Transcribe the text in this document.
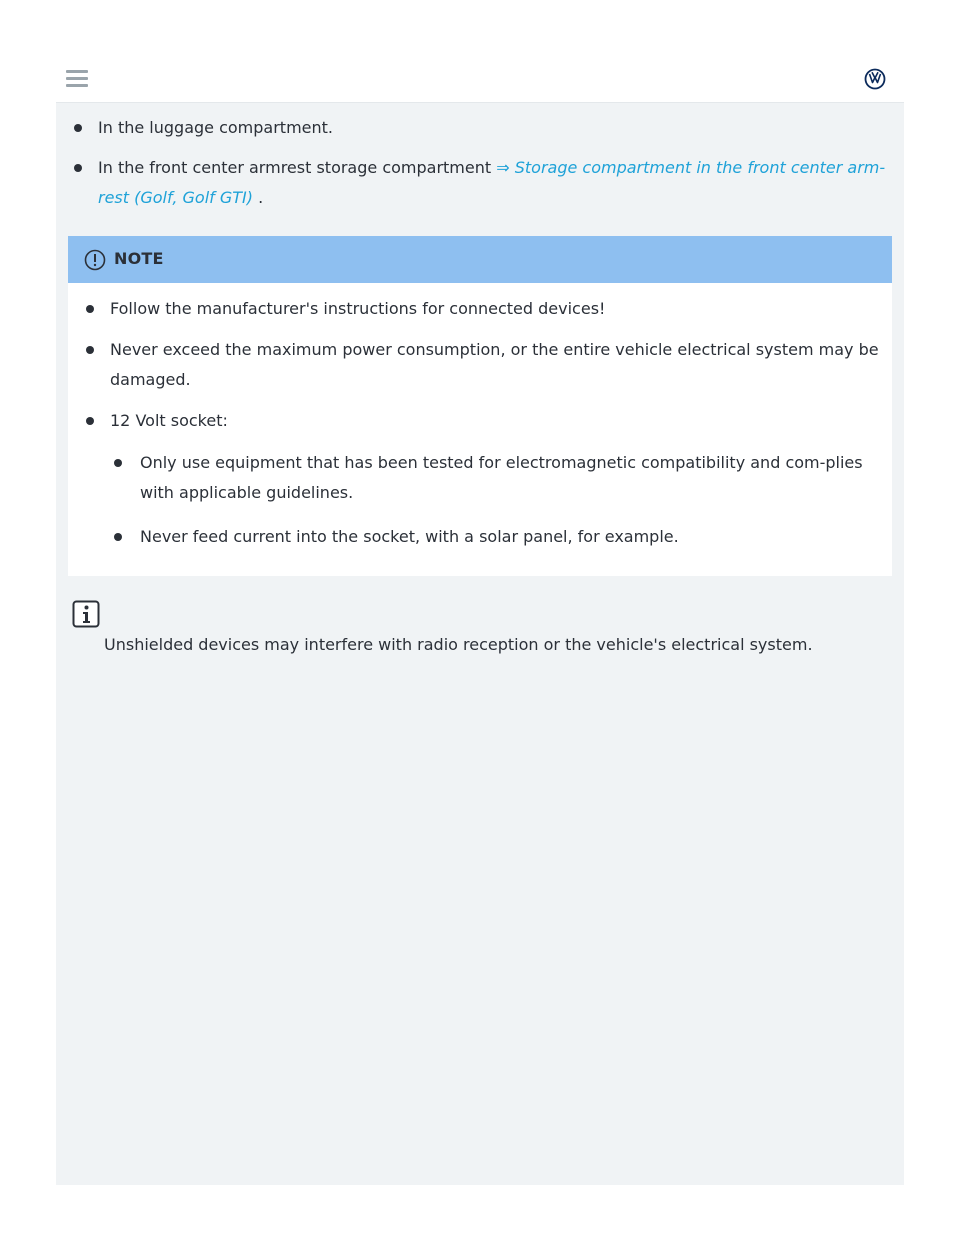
In the luggage compartment.
In the front center armrest storage compartment ⇒ Storage compartment in the front center arm-rest (Golf, Golf GTI) .
NOTE
Follow the manufacturer's instructions for connected devices!
Never exceed the maximum power consumption, or the entire vehicle electrical system may be damaged.
12 Volt socket:
Only use equipment that has been tested for electromagnetic compatibility and com-plies with applicable guidelines.
Never feed current into the socket, with a solar panel, for example.
Unshielded devices may interfere with radio reception or the vehicle's electrical system.
